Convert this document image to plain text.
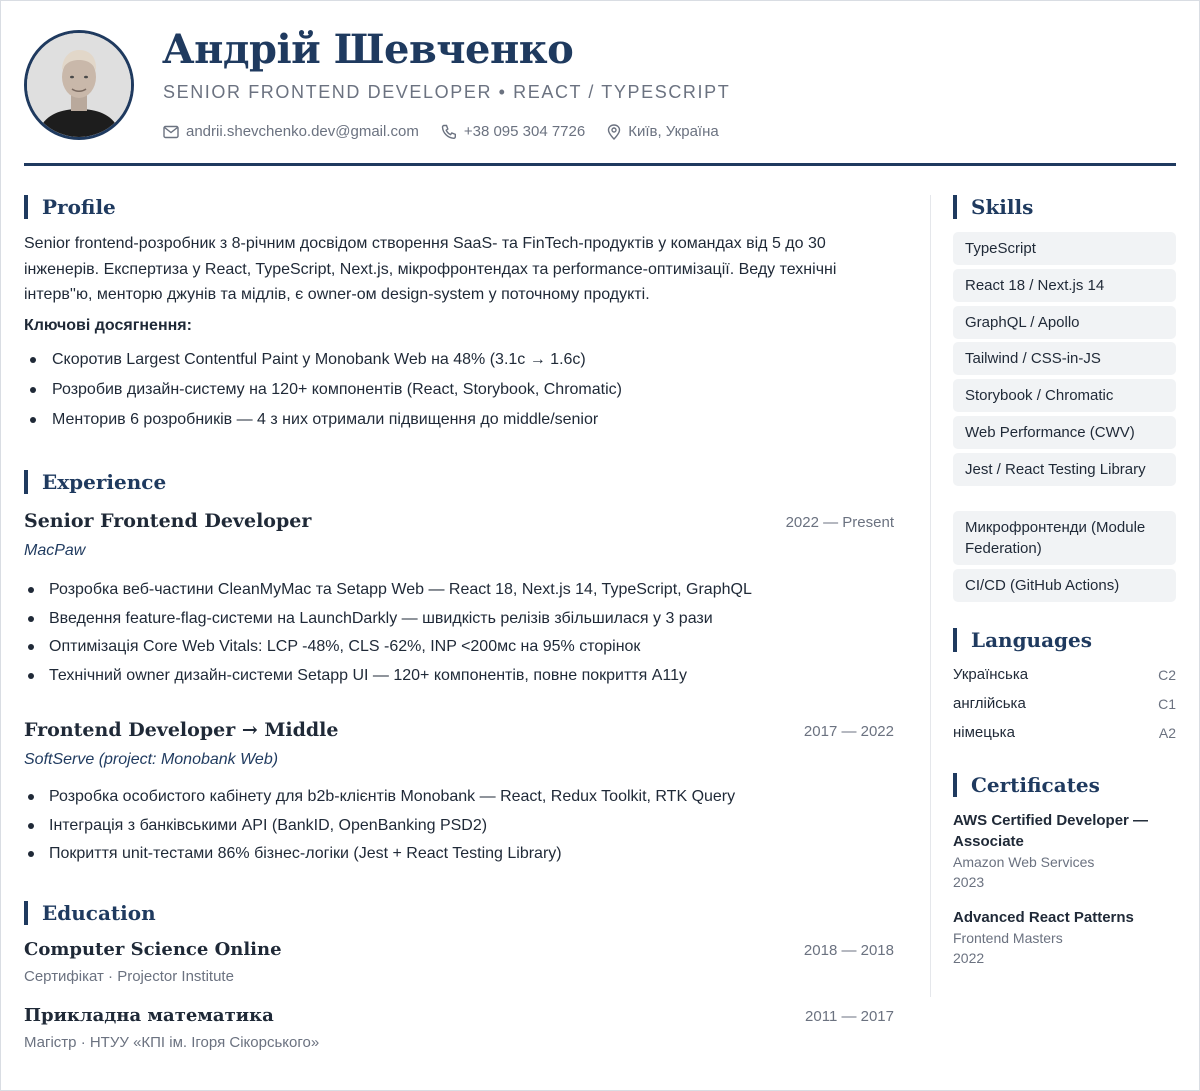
Андрій Шевченко
SENIOR FRONTEND DEVELOPER • REACT / TYPESCRIPT
andrii.shevchenko.dev@gmail.com	+38 095 304 7726	Київ, Україна
Profile
Senior frontend-розробник з 8-річним досвідом створення SaaS- та FinTech-продуктів у командах від 5 до 30 інженерів. Експертиза у React, TypeScript, Next.js, мікрофронтендах та performance-оптимізації. Веду технічні інтерв''ю, менторю джунів та мідлів, є owner-ом design-system у поточному продукті.
Ключові досягнення:
Скоротив Largest Contentful Paint у Monobank Web на 48% (3.1с → 1.6с)
Розробив дизайн-систему на 120+ компонентів (React, Storybook, Chromatic)
Менторив 6 розробників — 4 з них отримали підвищення до middle/senior
Experience
Senior Frontend Developer	2022 — Present
MacPaw
Розробка веб-частини CleanMyMac та Setapp Web — React 18, Next.js 14, TypeScript, GraphQL
Введення feature-flag-системи на LaunchDarkly — швидкість релізів збільшилася у 3 рази
Оптимізація Core Web Vitals: LCP -48%, CLS -62%, INP <200мс на 95% сторінок
Технічний owner дизайн-системи Setapp UI — 120+ компонентів, повне покриття A11y
Frontend Developer → Middle	2017 — 2022
SoftServe (project: Monobank Web)
Розробка особистого кабінету для b2b-клієнтів Monobank — React, Redux Toolkit, RTK Query
Інтеграція з банківськими API (BankID, OpenBanking PSD2)
Покриття unit-тестами 86% бізнес-логіки (Jest + React Testing Library)
Education
Computer Science Online	2018 — 2018
Сертифікат · Projector Institute
Прикладна математика	2011 — 2017
Магістр · НТУУ «КПІ ім. Ігоря Сікорського»
Skills
TypeScript
React 18 / Next.js 14
GraphQL / Apollo
Tailwind / CSS-in-JS
Storybook / Chromatic
Web Performance (CWV)
Jest / React Testing Library
Микрофронтенди (Module Federation)
CI/CD (GitHub Actions)
Languages
Українська	C2
англійська	C1
німецька	A2
Certificates
AWS Certified Developer — Associate
Amazon Web Services
2023
Advanced React Patterns
Frontend Masters
2022
